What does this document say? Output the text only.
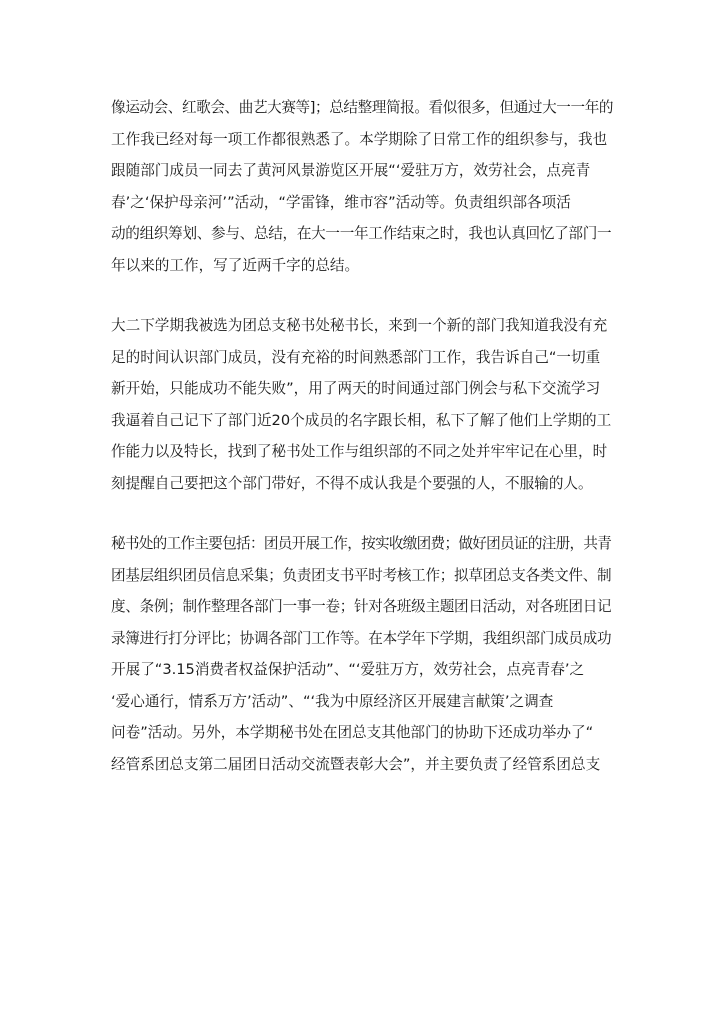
像运动会、红歌会、曲艺大赛等]；总结整理简报。看似很多，但通过大一一年的
工作我已经对每一项工作都很熟悉了。本学期除了日常工作的组织参与，我也
跟随部门成员一同去了黄河风景游览区开展“‘爱驻万方，效劳社会，点亮青
春’之‘保护母亲河’”活动，“学雷锋，维市容”活动等。负责组织部各项活
动的组织筹划、参与、总结，在大一一年工作结束之时，我也认真回忆了部门一
年以来的工作，写了近两千字的总结。
大二下学期我被选为团总支秘书处秘书长，来到一个新的部门我知道我没有充
足的时间认识部门成员，没有充裕的时间熟悉部门工作，我告诉自己“一切重
新开始，只能成功不能失败”，用了两天的时间通过部门例会与私下交流学习
我逼着自己记下了部门近20个成员的名字跟长相，私下了解了他们上学期的工
作能力以及特长，找到了秘书处工作与组织部的不同之处并牢牢记在心里，时
刻提醒自己要把这个部门带好，不得不成认我是个要强的人，不服输的人。
秘书处的工作主要包括：团员开展工作，按实收缴团费；做好团员证的注册，共青
团基层组织团员信息采集；负责团支书平时考核工作；拟草团总支各类文件、制
度、条例；制作整理各部门一事一卷；针对各班级主题团日活动，对各班团日记
录簿进行打分评比；协调各部门工作等。在本学年下学期，我组织部门成员成功
开展了“3.15消费者权益保护活动”、“‘爱驻万方，效劳社会，点亮青春’之
‘爱心通行，情系万方’活动”、“‘我为中原经济区开展建言献策’之调查
问卷”活动。另外，本学期秘书处在团总支其他部门的协助下还成功举办了“
经管系团总支第二届团日活动交流暨表彰大会”，并主要负责了经管系团总支
